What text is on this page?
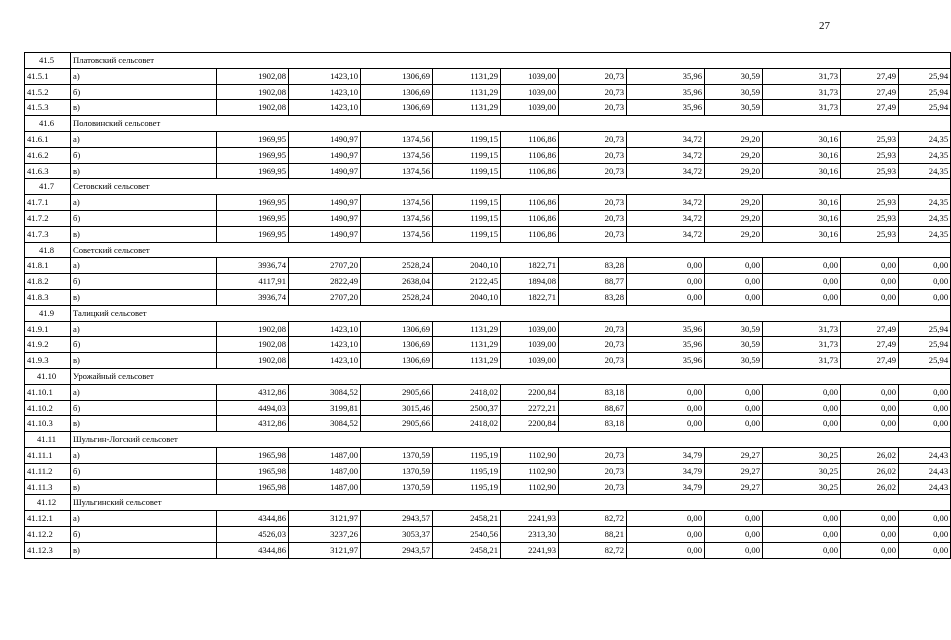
27
41.5	Платовский сельсовет											
41.5.1	а)	1902,08	1423,10	1306,69	1131,29	1039,00	20,73	35,96	30,59	31,73	27,49	25,94
41.5.2	б)	1902,08	1423,10	1306,69	1131,29	1039,00	20,73	35,96	30,59	31,73	27,49	25,94
41.5.3	в)	1902,08	1423,10	1306,69	1131,29	1039,00	20,73	35,96	30,59	31,73	27,49	25,94
41.6	Половинский сельсовет											
41.6.1	а)	1969,95	1490,97	1374,56	1199,15	1106,86	20,73	34,72	29,20	30,16	25,93	24,35
41.6.2	б)	1969,95	1490,97	1374,56	1199,15	1106,86	20,73	34,72	29,20	30,16	25,93	24,35
41.6.3	в)	1969,95	1490,97	1374,56	1199,15	1106,86	20,73	34,72	29,20	30,16	25,93	24,35
41.7	Сетовский сельсовет											
41.7.1	а)	1969,95	1490,97	1374,56	1199,15	1106,86	20,73	34,72	29,20	30,16	25,93	24,35
41.7.2	б)	1969,95	1490,97	1374,56	1199,15	1106,86	20,73	34,72	29,20	30,16	25,93	24,35
41.7.3	в)	1969,95	1490,97	1374,56	1199,15	1106,86	20,73	34,72	29,20	30,16	25,93	24,35
41.8	Советский сельсовет											
41.8.1	а)	3936,74	2707,20	2528,24	2040,10	1822,71	83,28	0,00	0,00	0,00	0,00	0,00
41.8.2	б)	4117,91	2822,49	2638,04	2122,45	1894,08	88,77	0,00	0,00	0,00	0,00	0,00
41.8.3	в)	3936,74	2707,20	2528,24	2040,10	1822,71	83,28	0,00	0,00	0,00	0,00	0,00
41.9	Талицкий сельсовет											
41.9.1	а)	1902,08	1423,10	1306,69	1131,29	1039,00	20,73	35,96	30,59	31,73	27,49	25,94
41.9.2	б)	1902,08	1423,10	1306,69	1131,29	1039,00	20,73	35,96	30,59	31,73	27,49	25,94
41.9.3	в)	1902,08	1423,10	1306,69	1131,29	1039,00	20,73	35,96	30,59	31,73	27,49	25,94
41.10	Урожайный сельсовет											
41.10.1	а)	4312,86	3084,52	2905,66	2418,02	2200,84	83,18	0,00	0,00	0,00	0,00	0,00
41.10.2	б)	4494,03	3199,81	3015,46	2500,37	2272,21	88,67	0,00	0,00	0,00	0,00	0,00
41.10.3	в)	4312,86	3084,52	2905,66	2418,02	2200,84	83,18	0,00	0,00	0,00	0,00	0,00
41.11	Шульгин-Логский сельсовет											
41.11.1	а)	1965,98	1487,00	1370,59	1195,19	1102,90	20,73	34,79	29,27	30,25	26,02	24,43
41.11.2	б)	1965,98	1487,00	1370,59	1195,19	1102,90	20,73	34,79	29,27	30,25	26,02	24,43
41.11.3	в)	1965,98	1487,00	1370,59	1195,19	1102,90	20,73	34,79	29,27	30,25	26,02	24,43
41.12	Шульгинский сельсовет											
41.12.1	а)	4344,86	3121,97	2943,57	2458,21	2241,93	82,72	0,00	0,00	0,00	0,00	0,00
41.12.2	б)	4526,03	3237,26	3053,37	2540,56	2313,30	88,21	0,00	0,00	0,00	0,00	0,00
41.12.3	в)	4344,86	3121,97	2943,57	2458,21	2241,93	82,72	0,00	0,00	0,00	0,00	0,00
